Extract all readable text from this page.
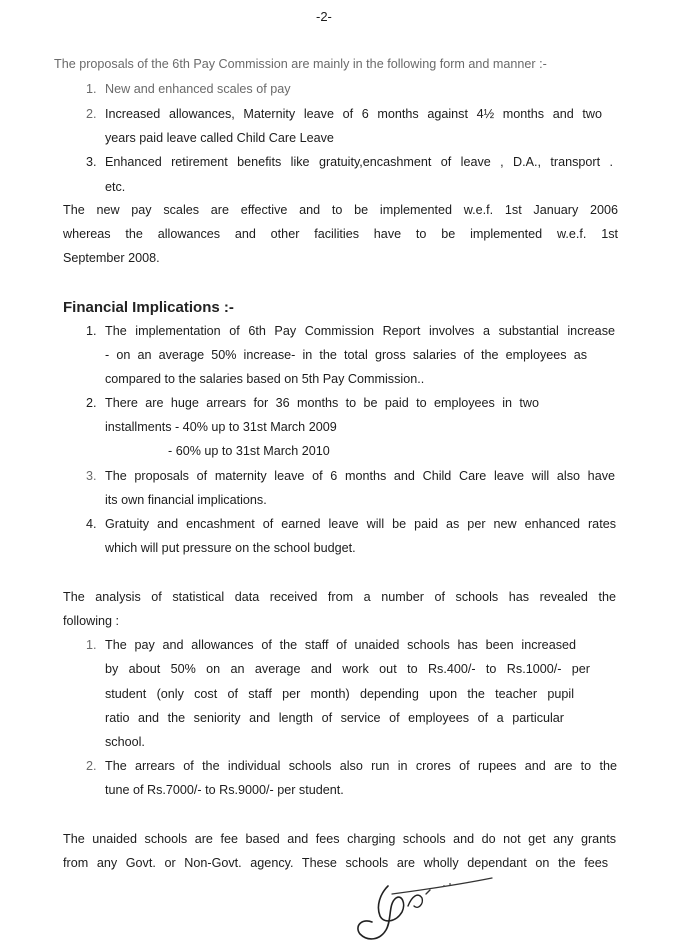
-2-
The proposals of the 6th Pay Commission are mainly in the following form and manner :-
1. New and enhanced scales of pay
2. Increased allowances, Maternity leave of 6 months against 4½ months and two
years paid leave called Child Care Leave
3. Enhanced retirement benefits like gratuity,encashment of leave , D.A., transport .
etc.
The new pay scales are effective and to be implemented w.e.f. 1st January 2006
whereas the allowances and other facilities have to be implemented w.e.f. 1st
September 2008.
Financial Implications :-
1. The implementation of 6th Pay Commission Report involves a substantial increase
- on an average 50% increase- in the total gross salaries of the employees as
compared to the salaries based on 5th Pay Commission..
2. There are huge arrears for 36 months to be paid to employees in two
installments - 40% up to 31st March 2009
- 60% up to 31st March 2010
3. The proposals of maternity leave of 6 months and Child Care leave will also have
its own financial implications.
4. Gratuity and encashment of earned leave will be paid as per new enhanced rates
which will put pressure on the school budget.
The analysis of statistical data received from a number of schools has revealed the
following :
1. The pay and allowances of the staff of unaided schools has been increased
by about 50% on an average and work out to Rs.400/- to Rs.1000/- per
student (only cost of staff per month) depending upon the teacher pupil
ratio and the seniority and length of service of employees of a particular
school.
2. The arrears of the individual schools also run in crores of rupees and are to the
tune of Rs.7000/- to Rs.9000/- per student.
The unaided schools are fee based and fees charging schools and do not get any grants
from any Govt. or Non-Govt. agency. These schools are wholly dependant on the fees
